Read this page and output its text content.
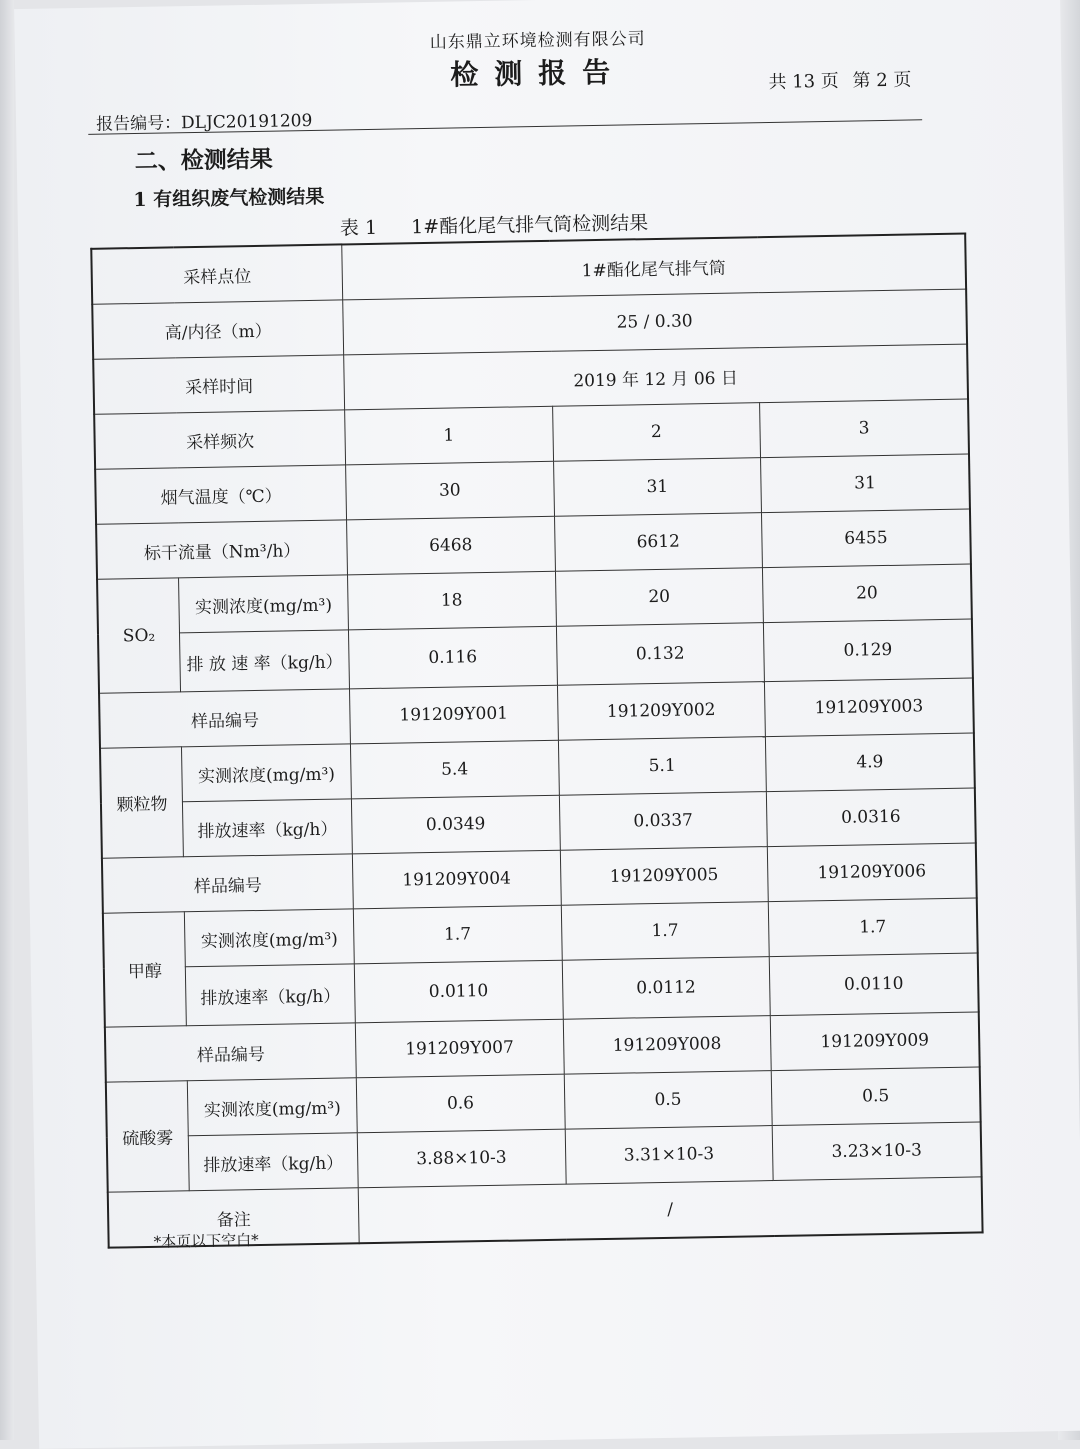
山东鼎立环境检测有限公司
检测报告	共 13 页 第 2 页
报告编号：DLJC20191209
二、检测结果
1 有组织废气检测结果
表 1 1#酯化尾气排气筒检测结果
采样点位		1#酯化尾气排气筒		
高/内径（m）		25 / 0.30		
采样时间		2019 年 12 月 06 日		
采样频次		1	2	3
烟气温度（℃）		30	31	31
标干流量（Nm³/h）		6468	6612	6455
SO₂	实测浓度(mg/m³)	18	20	20
	排 放 速 率（kg/h）	0.116	0.132	0.129
样品编号		191209Y001	191209Y002	191209Y003
颗粒物	实测浓度(mg/m³)	5.4	5.1	4.9
	排放速率（kg/h）	0.0349	0.0337	0.0316
样品编号		191209Y004	191209Y005	191209Y006
甲醇	实测浓度(mg/m³)	1.7	1.7	1.7
	排放速率（kg/h）	0.0110	0.0112	0.0110
样品编号		191209Y007	191209Y008	191209Y009
硫酸雾	实测浓度(mg/m³)	0.6	0.5	0.5
	排放速率（kg/h）	3.88×10-3	3.31×10-3	3.23×10-3
备注		/		
*本页以下空白*
